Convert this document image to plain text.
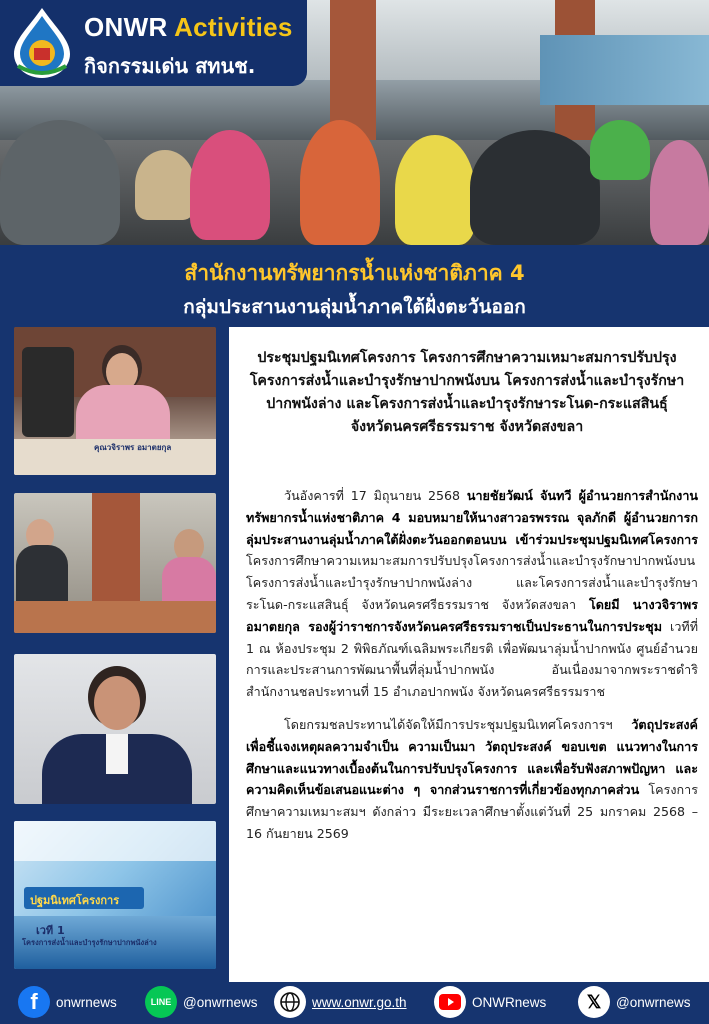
ONWR Activities
กิจกรรมเด่น สทนช.
สำนักงานทรัพยากรน้ำแห่งชาติภาค 4
กลุ่มประสานงานลุ่มน้ำภาคใต้ฝั่งตะวันออก
คุณวจิราพร อมาตยกุล
ปฐมนิเทศโครงการ
เวที 1
โครงการส่งน้ำและบำรุงรักษาปากพนังล่าง
ประชุมปฐมนิเทศโครงการ โครงการศึกษาความเหมาะสมการปรับปรุง
โครงการส่งน้ำและบำรุงรักษาปากพนังบน โครงการส่งน้ำและบำรุงรักษา
ปากพนังล่าง และโครงการส่งน้ำและบำรุงรักษาระโนด-กระแสสินธุ์
จังหวัดนครศรีธรรมราช จังหวัดสงขลา

วันอังคารที่ 17 มิถุนายน 2568 นายชัยวัฒน์ จันทวี ผู้อำนวยการสำนักงานทรัพยากรน้ำแห่งชาติภาค 4 มอบหมายให้นางสาวอรพรรณ จุลภักดี ผู้อำนวยการกลุ่มประสานงานลุ่มน้ำภาคใต้ฝั่งตะวันออกตอนบน เข้าร่วมประชุมปฐมนิเทศโครงการ โครงการศึกษาความเหมาะสมการปรับปรุงโครงการส่งน้ำและบำรุงรักษาปากพนังบน โครงการส่งน้ำและบำรุงรักษาปากพนังล่าง และโครงการส่งน้ำและบำรุงรักษาระโนด-กระแสสินธุ์ จังหวัดนครศรีธรรมราช จังหวัดสงขลา โดยมี นางวจิราพร อมาตยกุล รองผู้ว่าราชการจังหวัดนครศรีธรรมราชเป็นประธานในการประชุม เวทีที่ 1 ณ ห้องประชุม 2 พิพิธภัณฑ์เฉลิมพระเกียรติ เพื่อพัฒนาลุ่มน้ำปากพนัง ศูนย์อำนวยการและประสานการพัฒนาพื้นที่ลุ่มน้ำปากพนัง อันเนื่องมาจากพระราชดำริ สำนักงานชลประทานที่ 15 อำเภอปากพนัง จังหวัดนครศรีธรรมราช

โดยกรมชลประทานได้จัดให้มีการประชุมปฐมนิเทศโครงการฯ วัตถุประสงค์ เพื่อชี้แจงเหตุผลความจำเป็น ความเป็นมา วัตถุประสงค์ ขอบเขต แนวทางในการศึกษาและแนวทางเบื้องต้นในการปรับปรุงโครงการ และเพื่อรับฟังสภาพปัญหา และความคิดเห็นข้อเสนอแนะต่าง ๆ จากส่วนราชการที่เกี่ยวข้องทุกภาคส่วน โครงการศึกษาความเหมาะสมฯ ดังกล่าว มีระยะเวลาศึกษาตั้งแต่วันที่ 25 มกราคม 2568 – 16 กันยายน 2569

f	onwrnews	LINE @onwrnews	www.onwr.go.th	ONWRnews	𝕏	@onwrnews
